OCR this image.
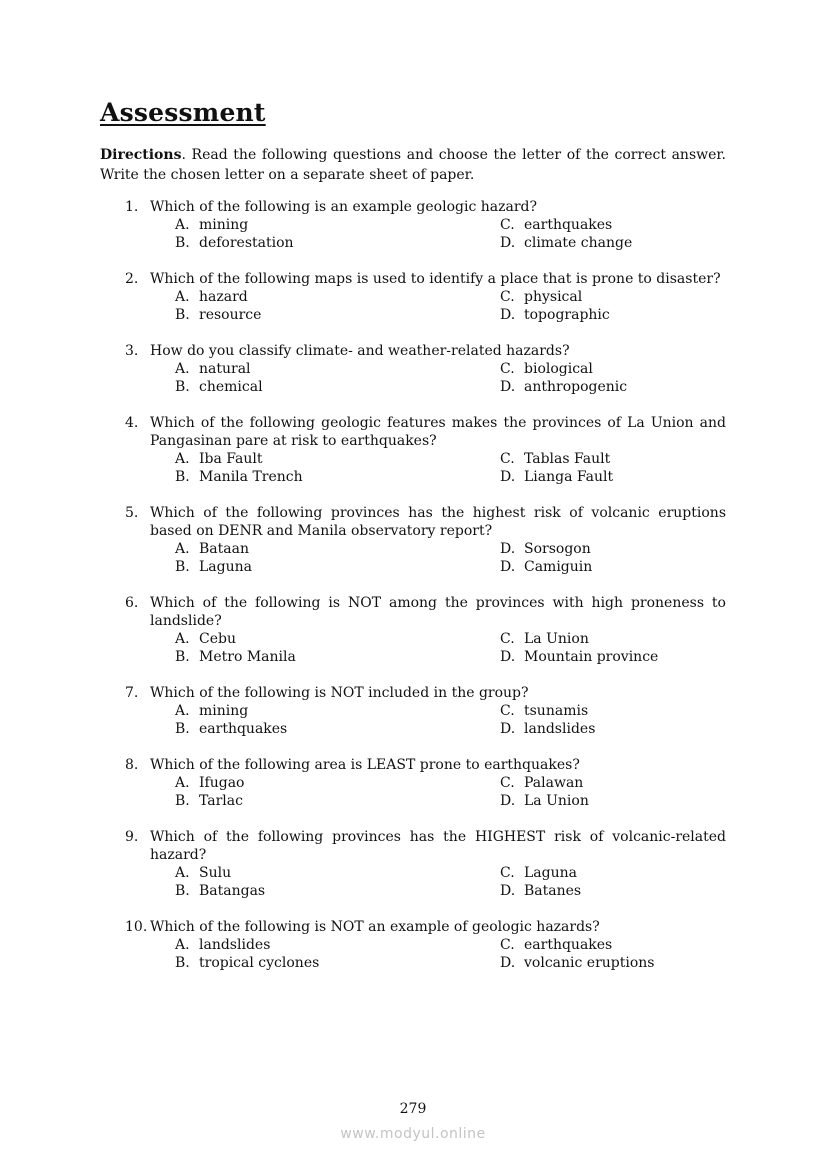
Assessment
Directions. Read the following questions and choose the letter of the correct answer. Write the chosen letter on a separate sheet of paper.
1. Which of the following is an example geologic hazard?
A. mining	C. earthquakes
B. deforestation	D. climate change
2. Which of the following maps is used to identify a place that is prone to disaster?
A. hazard	C. physical
B. resource	D. topographic
3. How do you classify climate- and weather-related hazards?
A. natural	C. biological
B. chemical	D. anthropogenic
4. Which of the following geologic features makes the provinces of La Union and Pangasinan pare at risk to earthquakes?
A. Iba Fault	C. Tablas Fault
B. Manila Trench	D. Lianga Fault
5. Which of the following provinces has the highest risk of volcanic eruptions based on DENR and Manila observatory report?
A. Bataan	D. Sorsogon
B. Laguna	D. Camiguin
6. Which of the following is NOT among the provinces with high proneness to landslide?
A. Cebu	C. La Union
B. Metro Manila	D. Mountain province
7. Which of the following is NOT included in the group?
A. mining	C. tsunamis
B. earthquakes	D. landslides
8. Which of the following area is LEAST prone to earthquakes?
A. Ifugao	C. Palawan
B. Tarlac	D. La Union
9. Which of the following provinces has the HIGHEST risk of volcanic-related hazard?
A. Sulu	C. Laguna
B. Batangas	D. Batanes
10. Which of the following is NOT an example of geologic hazards?
A. landslides	C. earthquakes
B. tropical cyclones	D. volcanic eruptions
279
www.modyul.online
